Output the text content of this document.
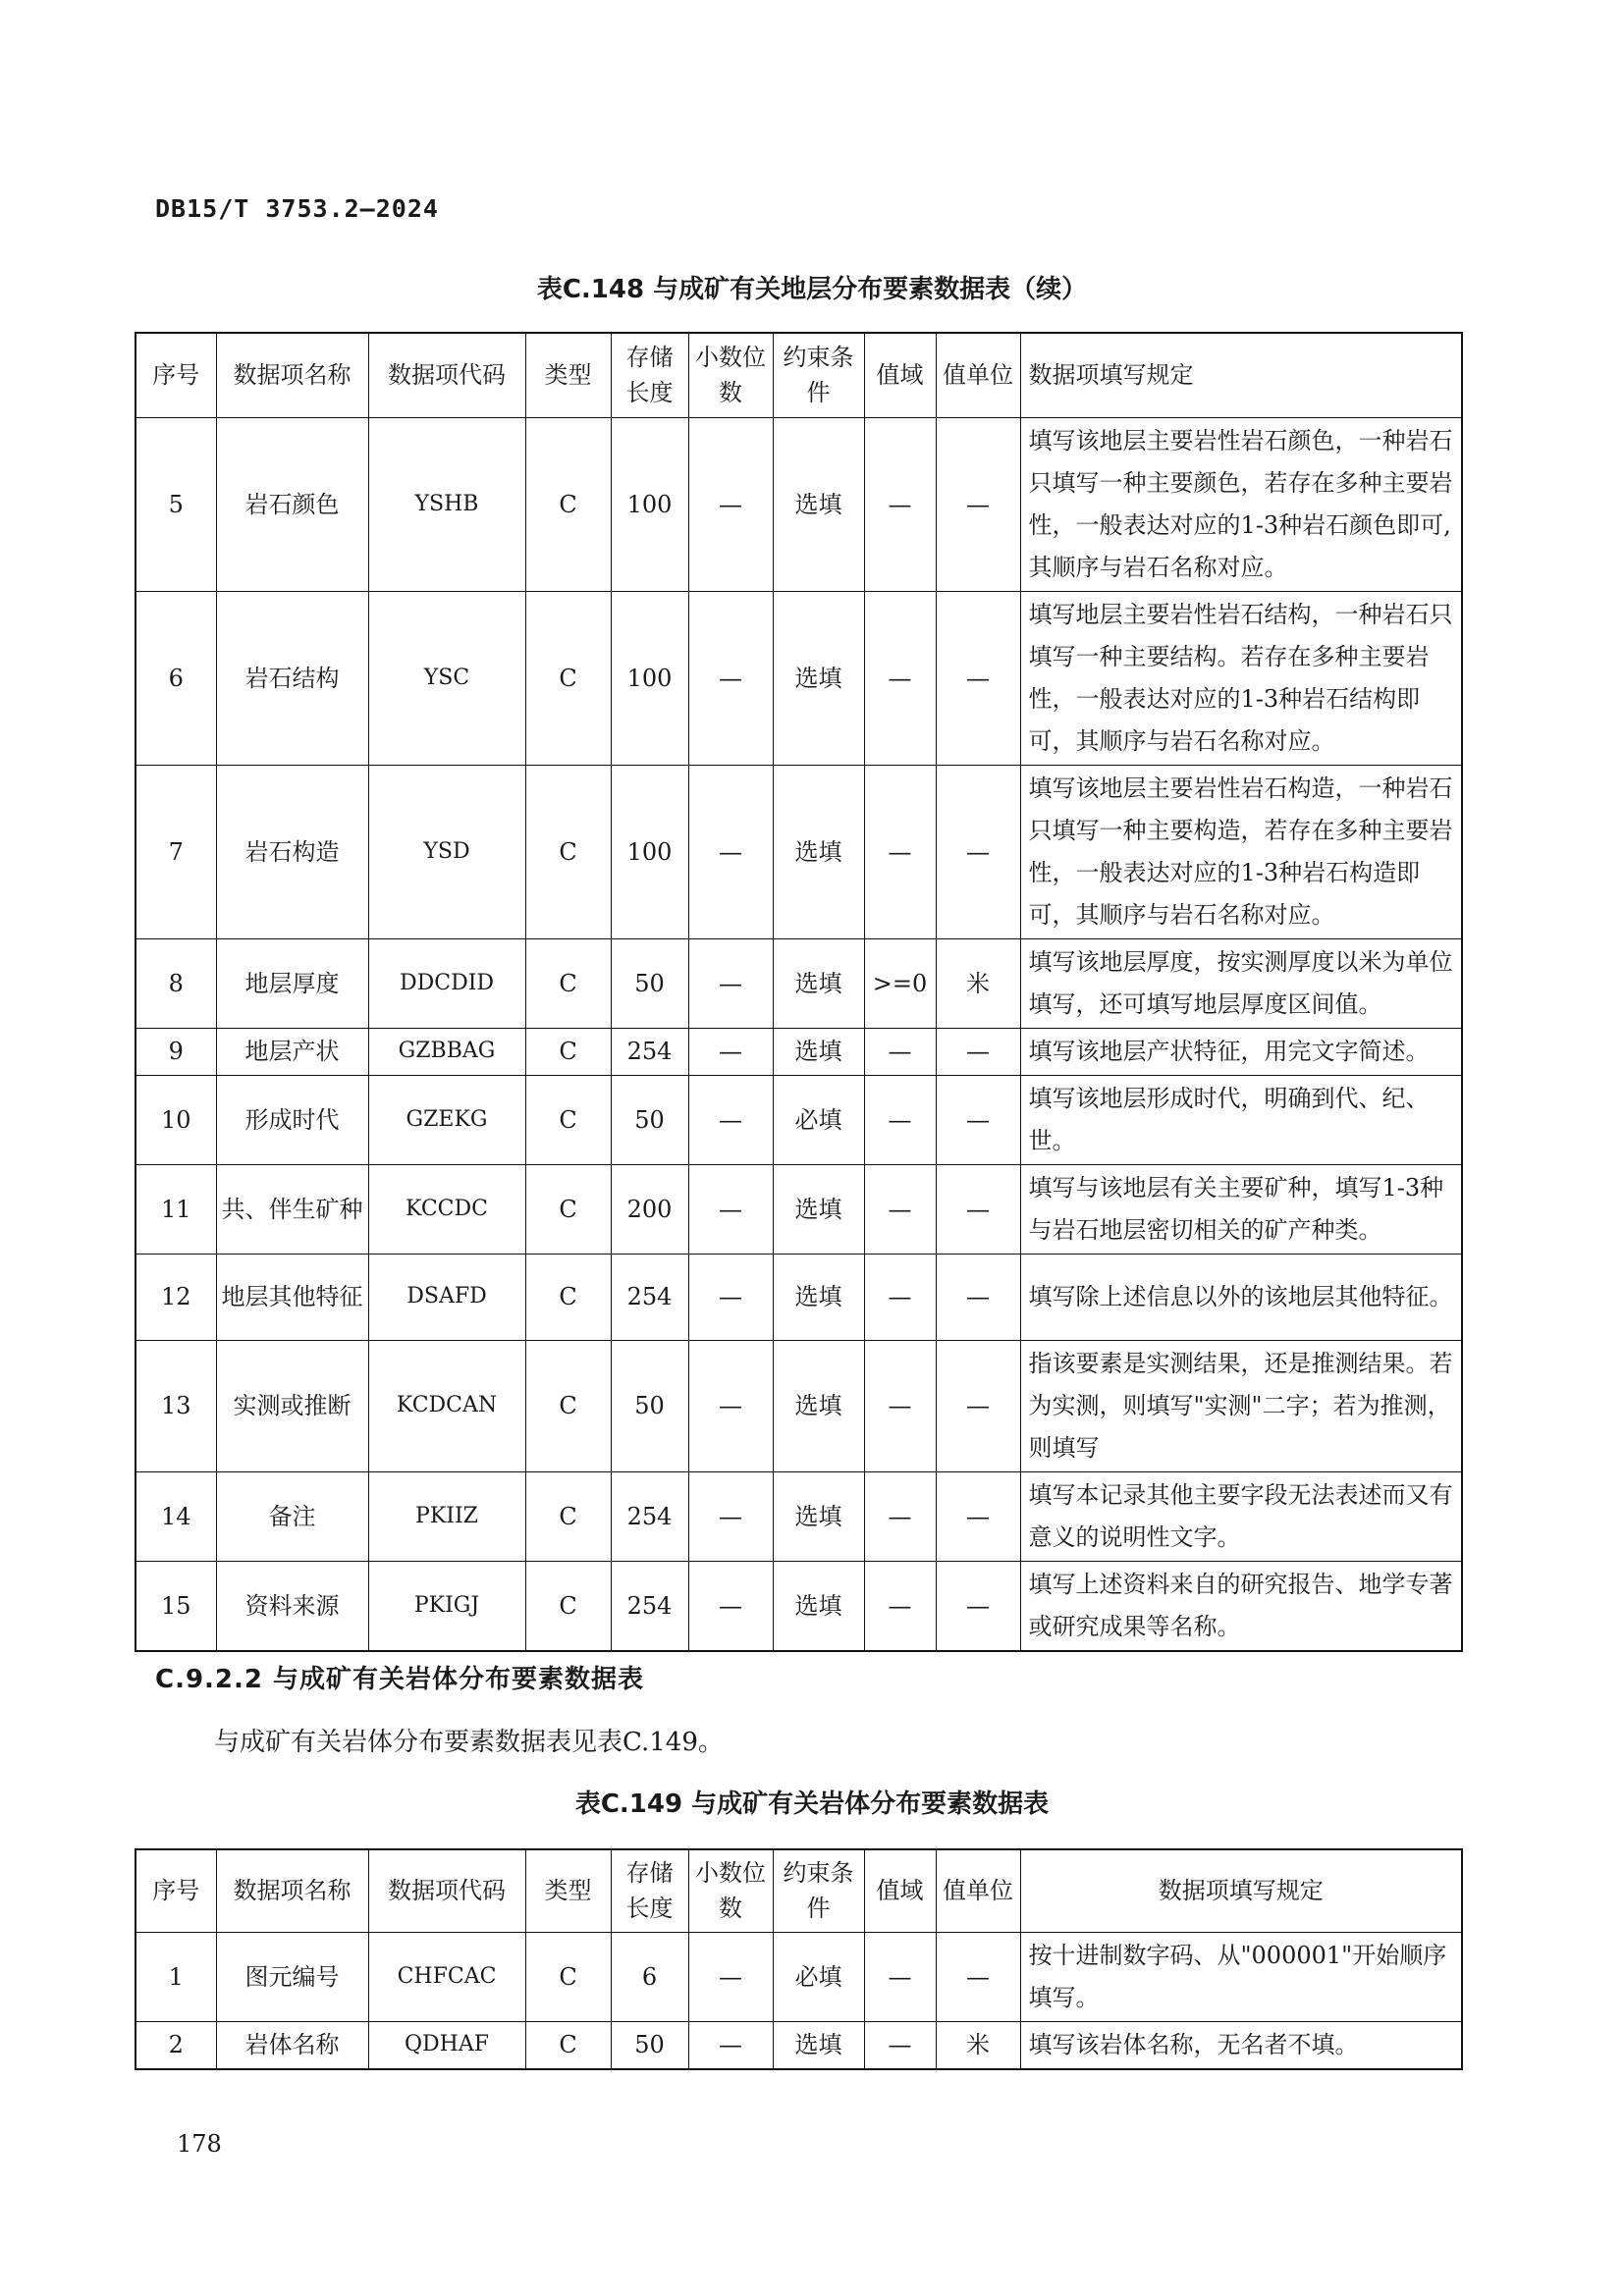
DB15/T 3753.2—2024
表C.148 与成矿有关地层分布要素数据表（续）
序号	数据项名称	数据项代码	类型	存储长度	小数位数	约束条件	值域	值单位	数据项填写规定
5	岩石颜色	YSHB	C	100	—	选填	—	—	填写该地层主要岩性岩石颜色，一种岩石只填写一种主要颜色，若存在多种主要岩性，一般表达对应的1-3种岩石颜色即可,其顺序与岩石名称对应。
6	岩石结构	YSC	C	100	—	选填	—	—	填写地层主要岩性岩石结构，一种岩石只填写一种主要结构。若存在多种主要岩性，一般表达对应的1-3种岩石结构即可，其顺序与岩石名称对应。
7	岩石构造	YSD	C	100	—	选填	—	—	填写该地层主要岩性岩石构造，一种岩石只填写一种主要构造，若存在多种主要岩性，一般表达对应的1-3种岩石构造即可，其顺序与岩石名称对应。
8	地层厚度	DDCDID	C	50	—	选填	>=0	米	填写该地层厚度，按实测厚度以米为单位填写，还可填写地层厚度区间值。
9	地层产状	GZBBAG	C	254	—	选填	—	—	填写该地层产状特征，用完文字简述。
10	形成时代	GZEKG	C	50	—	必填	—	—	填写该地层形成时代，明确到代、纪、世。
11	共、伴生矿种	KCCDC	C	200	—	选填	—	—	填写与该地层有关主要矿种，填写1-3种与岩石地层密切相关的矿产种类。
12	地层其他特征	DSAFD	C	254	—	选填	—	—	填写除上述信息以外的该地层其他特征。
13	实测或推断	KCDCAN	C	50	—	选填	—	—	指该要素是实测结果，还是推测结果。若为实测，则填写"实测"二字；若为推测，则填写
14	备注	PKIIZ	C	254	—	选填	—	—	填写本记录其他主要字段无法表述而又有意义的说明性文字。
15	资料来源	PKIGJ	C	254	—	选填	—	—	填写上述资料来自的研究报告、地学专著或研究成果等名称。
C.9.2.2 与成矿有关岩体分布要素数据表
与成矿有关岩体分布要素数据表见表C.149。
表C.149 与成矿有关岩体分布要素数据表
序号	数据项名称	数据项代码	类型	存储长度	小数位数	约束条件	值域	值单位	数据项填写规定
1	图元编号	CHFCAC	C	6	—	必填	—	—	按十进制数字码、从"000001"开始顺序填写。
2	岩体名称	QDHAF	C	50	—	选填	—	米	填写该岩体名称，无名者不填。
178
